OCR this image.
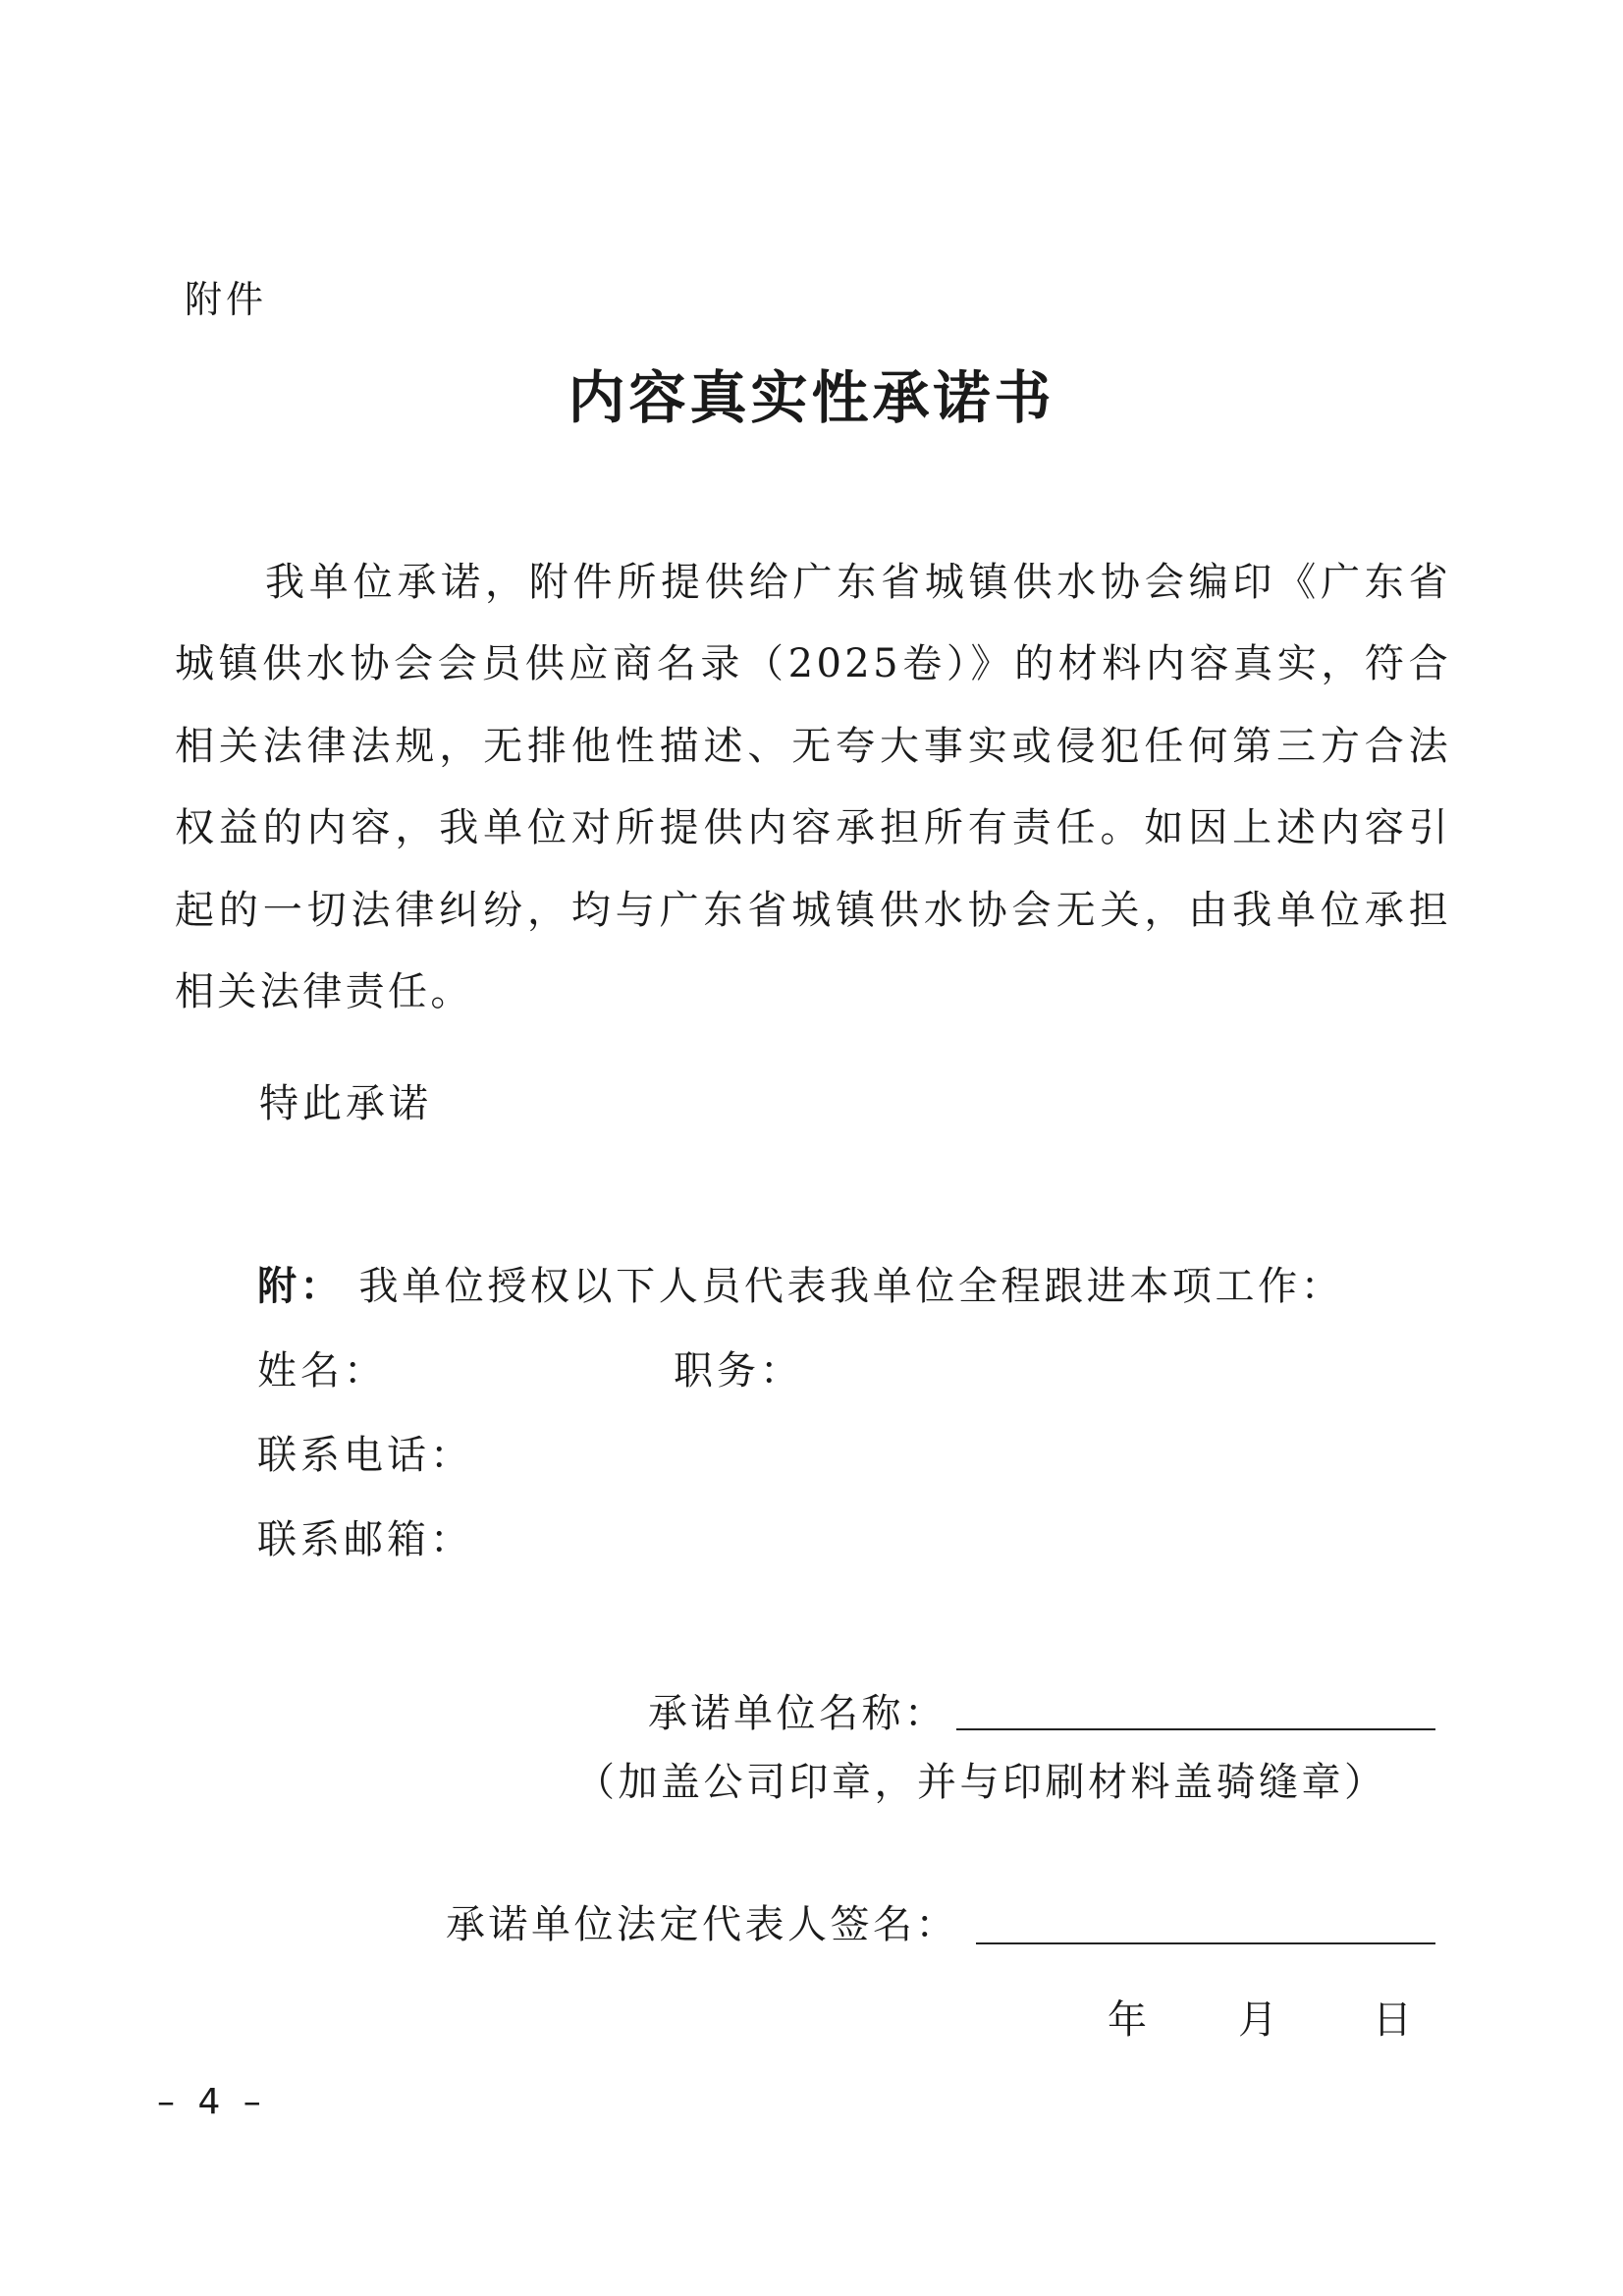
附件
内容真实性承诺书
我单位承诺，附件所提供给广东省城镇供水协会编印《广东省城镇供水协会会员供应商名录（2025卷）》的材料内容真实，符合相关法律法规，无排他性描述、无夸大事实或侵犯任何第三方合法权益的内容，我单位对所提供内容承担所有责任。如因上述内容引起的一切法律纠纷，均与广东省城镇供水协会无关，由我单位承担相关法律责任。
特此承诺
附： 我单位授权以下人员代表我单位全程跟进本项工作：
姓名：	职务：
联系电话：
联系邮箱：
承诺单位名称：
（加盖公司印章，并与印刷材料盖骑缝章）
承诺单位法定代表人签名：
年 月 日
– 4 –
